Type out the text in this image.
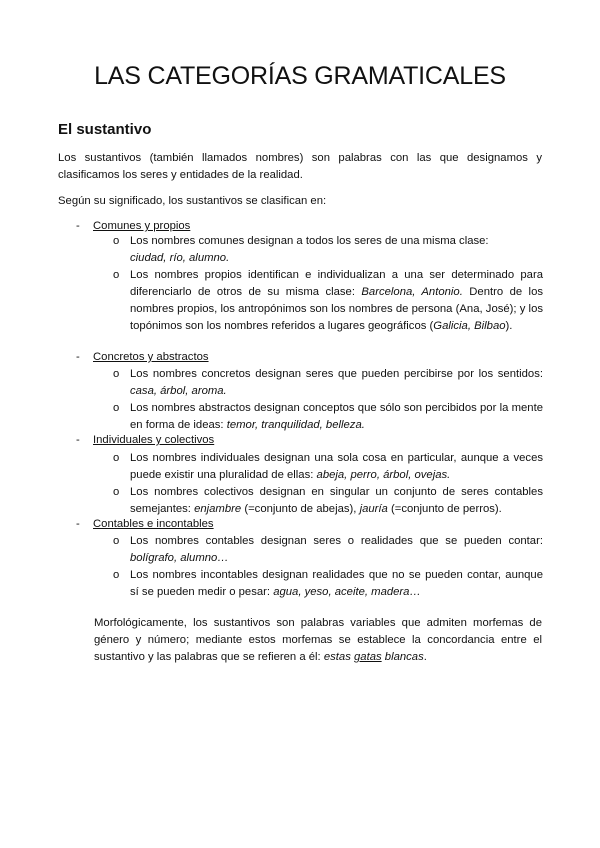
LAS CATEGORÍAS GRAMATICALES
El sustantivo
Los sustantivos (también llamados nombres) son palabras con las que designamos y clasificamos los seres y entidades de la realidad.
Según su significado, los sustantivos se clasifican en:
- Comunes y propios
o Los nombres comunes designan a todos los seres de una misma clase:
ciudad, río, alumno.
o Los nombres propios identifican e individualizan a una ser determinado para diferenciarlo de otros de su misma clase: Barcelona, Antonio. Dentro de los nombres propios, los antropónimos son los nombres de persona (Ana, José); y los topónimos son los nombres referidos a lugares geográficos (Galicia, Bilbao).
- Concretos y abstractos
o Los nombres concretos designan seres que pueden percibirse por los sentidos: casa, árbol, aroma.
o Los nombres abstractos designan conceptos que sólo son percibidos por la mente en forma de ideas: temor, tranquilidad, belleza.
- Individuales y colectivos
o Los nombres individuales designan una sola cosa en particular, aunque a veces puede existir una pluralidad de ellas: abeja, perro, árbol, ovejas.
o Los nombres colectivos designan en singular un conjunto de seres contables semejantes: enjambre (=conjunto de abejas), jauría (=conjunto de perros).
- Contables e incontables
o Los nombres contables designan seres o realidades que se pueden contar: bolígrafo, alumno…
o Los nombres incontables designan realidades que no se pueden contar, aunque sí se pueden medir o pesar: agua, yeso, aceite, madera…
Morfológicamente, los sustantivos son palabras variables que admiten morfemas de género y número; mediante estos morfemas se establece la concordancia entre el sustantivo y las palabras que se refieren a él: estas gatas blancas.
